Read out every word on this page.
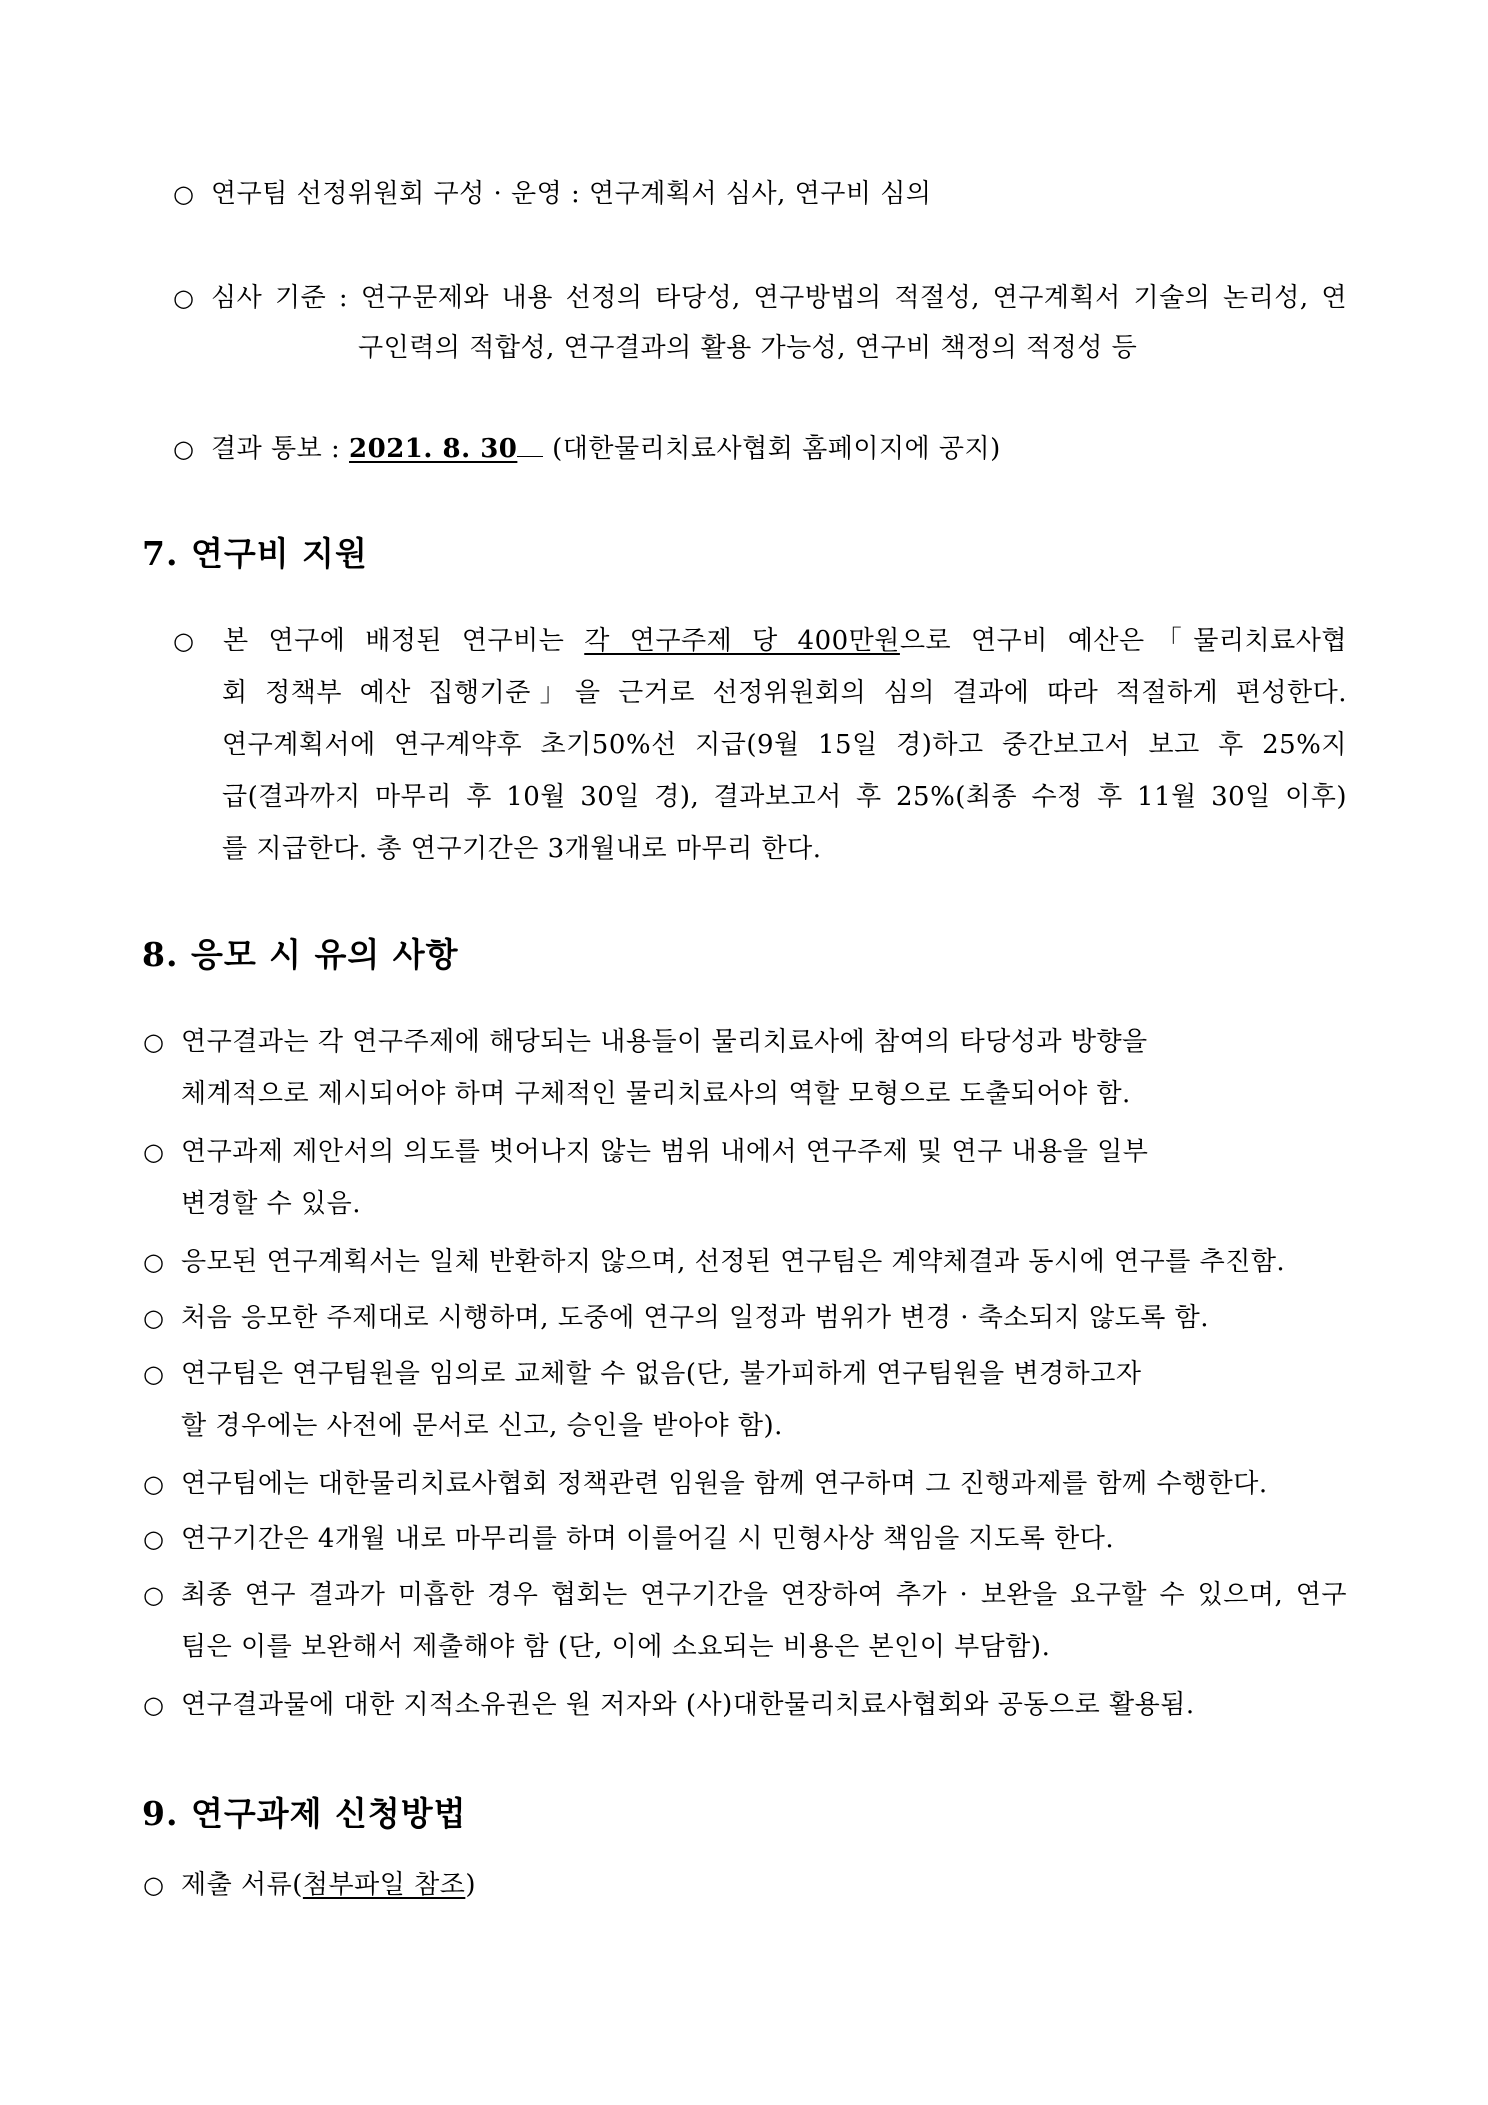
○ 연구팀 선정위원회 구성 · 운영 : 연구계획서 심사, 연구비 심의
○ 심사 기준 : 연구문제와 내용 선정의 타당성, 연구방법의 적절성, 연구계획서 기술의 논리성, 연
구인력의 적합성, 연구결과의 활용 가능성, 연구비 책정의 적정성 등
○ 결과 통보 : 2021. 8. 30 (대한물리치료사협회 홈페이지에 공지)
7. 연구비 지원
○ 본 연구에 배정된 연구비는 각 연구주제 당 400만원으로 연구비 예산은「물리치료사협
회 정책부 예산 집행기준」을 근거로 선정위원회의 심의 결과에 따라 적절하게 편성한다.
연구계획서에 연구계약후 초기50%선 지급(9월 15일 경)하고 중간보고서 보고 후 25%지
급(결과까지 마무리 후 10월 30일 경), 결과보고서 후 25%(최종 수정 후 11월 30일 이후)
를 지급한다. 총 연구기간은 3개월내로 마무리 한다.
8. 응모 시 유의 사항
○ 연구결과는 각 연구주제에 해당되는 내용들이 물리치료사에 참여의 타당성과 방향을
체계적으로 제시되어야 하며 구체적인 물리치료사의 역할 모형으로 도출되어야 함.
○ 연구과제 제안서의 의도를 벗어나지 않는 범위 내에서 연구주제 및 연구 내용을 일부
변경할 수 있음.
○ 응모된 연구계획서는 일체 반환하지 않으며, 선정된 연구팀은 계약체결과 동시에 연구를 추진함.
○ 처음 응모한 주제대로 시행하며, 도중에 연구의 일정과 범위가 변경 · 축소되지 않도록 함.
○ 연구팀은 연구팀원을 임의로 교체할 수 없음(단, 불가피하게 연구팀원을 변경하고자
할 경우에는 사전에 문서로 신고, 승인을 받아야 함).
○ 연구팀에는 대한물리치료사협회 정책관련 임원을 함께 연구하며 그 진행과제를 함께 수행한다.
○ 연구기간은 4개월 내로 마무리를 하며 이를어길 시 민형사상 책임을 지도록 한다.
○ 최종 연구 결과가 미흡한 경우 협회는 연구기간을 연장하여 추가 · 보완을 요구할 수 있으며, 연구
팀은 이를 보완해서 제출해야 함 (단, 이에 소요되는 비용은 본인이 부담함).
○ 연구결과물에 대한 지적소유권은 원 저자와 (사)대한물리치료사협회와 공동으로 활용됨.
9. 연구과제 신청방법
○ 제출 서류(첨부파일 참조)
